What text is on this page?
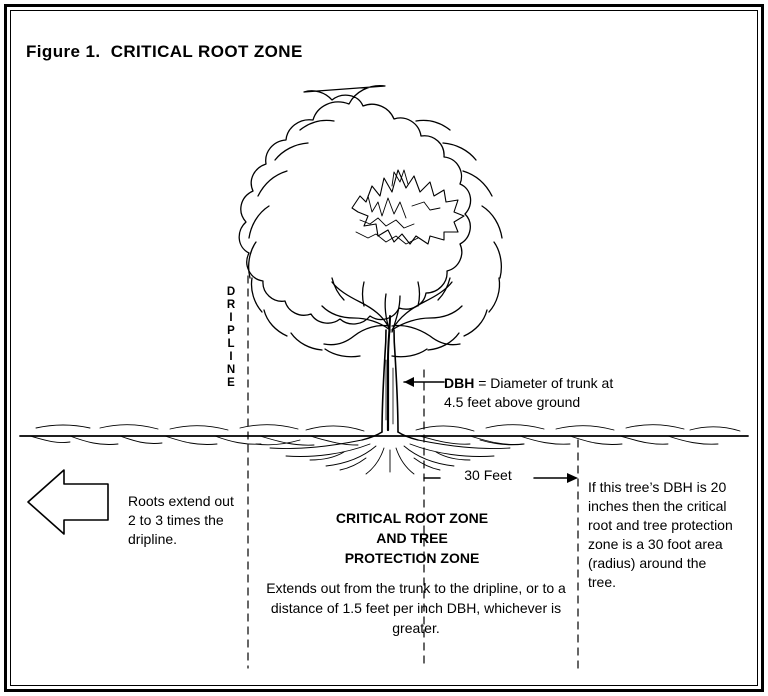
Figure 1.  CRITICAL ROOT ZONE
DRIPLINE	DBH = Diameter of trunk at
4.5 feet above ground
30 Feet
Roots extend out 2 to 3 times the dripline.
CRITICAL ROOT ZONE
AND TREE
PROTECTION ZONE
Extends out from the trunk to the dripline, or to a distance of 1.5 feet per inch DBH, whichever is greater.
If this tree’s DBH is 20 inches then the critical root and tree protection zone is a 30 foot area (radius) around the tree.
